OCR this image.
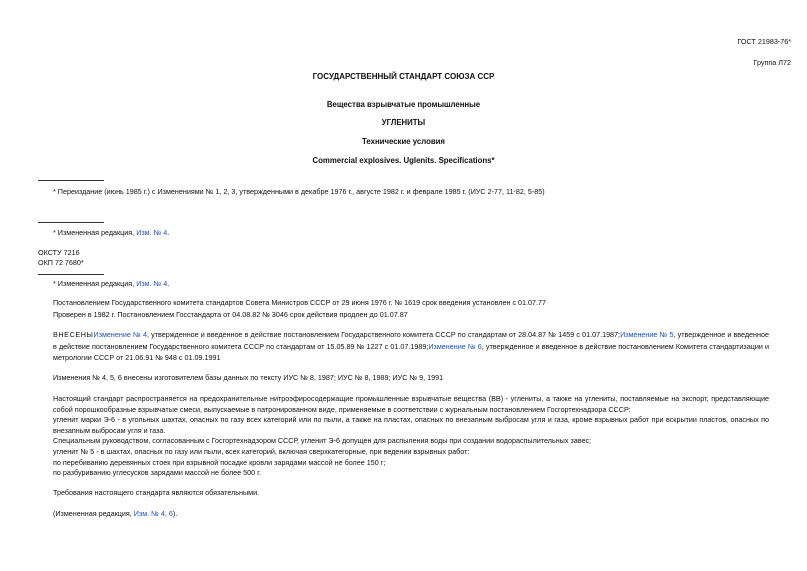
ГОСТ 21983-76*
Группа Л72
ГОСУДАРСТВЕННЫЙ СТАНДАРТ СОЮЗА ССР
Вещества взрывчатые промышленные
УГЛЕНИТЫ
Технические условия
Commercial explosives. Uglenits. Specifications*
* Переиздание (июнь 1985 г.) с Изменениями № 1, 2, 3, утвержденными в декабре 1976 г., августе 1982 г. и феврале 1985 г. (ИУС 2-77, 11-82, 5-85)
* Измененная редакция, Изм. № 4.
ОКСТУ 7216
ОКП 72 7680*
* Измененная редакция, Изм. № 4.
Постановлением Государственного комитета стандартов Совета Министров СССР от 29 июня 1976 г. № 1619 срок введения установлен с 01.07.77
Проверен в 1982 г. Постановлением Госстандарта от 04.08.82 № 3046 срок действия продлен до 01.07.87
ВНЕСЕНЫИзменение № 4, утвержденное и введенное в действие постановлением Государственного комитета СССР по стандартам от 28.04.87 № 1459 с 01.07.1987;Изменение № 5, утвержденное и введенное в действие постановлением Государственного комитета СССР по стандартам от 15.05.89 № 1227 с 01.07.1989;Изменение № 6, утвержденное и введенное в действие постановлением Комитета стандартизации и метрологии СССР от 21.06.91 № 948 с 01.09.1991
Изменения № 4, 5, 6 внесены изготовителем базы данных по тексту ИУС № 8, 1987; ИУС № 8, 1989; ИУС № 9, 1991
Настоящий стандарт распространяется на предохранительные нитроэфиросодержащие промышленные взрывчатые вещества (ВВ) - углениты, а также на углениты, поставляемые на экспорт, представляющие собой порошкообразные взрывчатые смеси, выпускаемые в патронированном виде, применяемые в соответствии с журнальным постановлением Госгортехнадзора СССР:
угленит марки Э-6 - в угольных шахтах, опасных по газу всех категорий или по пыли, а также на пластах, опасных по внезапным выбросам угля и газа, кроме взрывных работ при вскрытии пластов, опасных по внезапным выбросам угля и газа.
Специальным руководством, согласованным с Госгортехнадзором СССР, угленит Э-6 допущен для распыления воды при создании водораспылительных завес;
угленит № 5 - в шахтах, опасных по газу или пыли, всех категорий, включая сверхкатегорные, при ведении взрывных работ:
по перебиванию деревянных стоек при взрывной посадке кровли зарядами массой не более 150 г;
по разбуриванию углесусков зарядами массой не более 500 г.
Требования настоящего стандарта являются обязательными.
(Измененная редакция, Изм. № 4, 6).
